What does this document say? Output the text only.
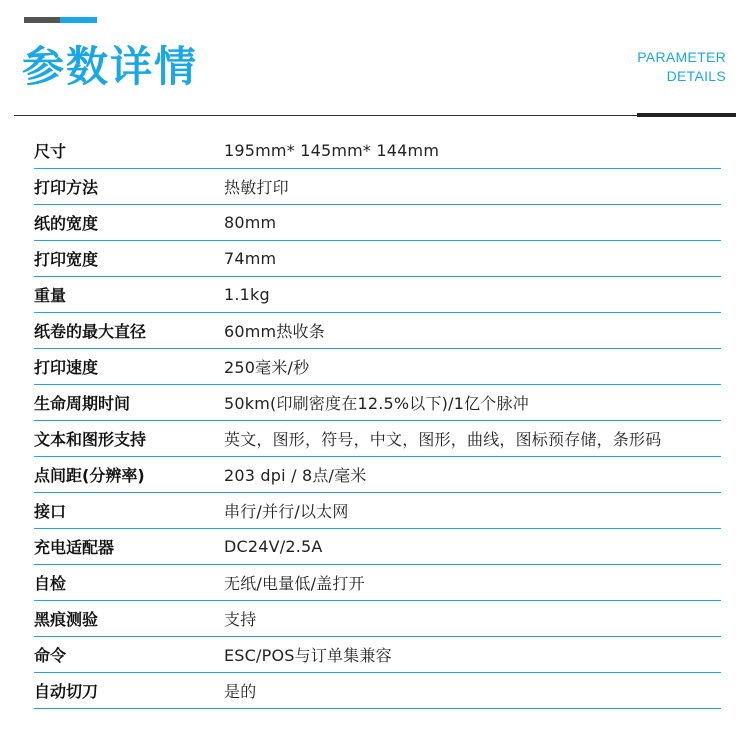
参数详情	PARAMETER
DETAILS
尺寸	195mm* 145mm* 144mm
打印方法	热敏打印
纸的宽度	80mm
打印宽度	74mm
重量	1.1kg
纸卷的最大直径	60mm热收条
打印速度	250毫米/秒
生命周期时间	50km(印刷密度在12.5%以下)/1亿个脉冲
文本和图形支持	英文，图形，符号，中文，图形，曲线，图标预存储，条形码
点间距(分辨率)	203 dpi / 8点/毫米
接口	串行/并行/以太网
充电适配器	DC24V/2.5A
自检	无纸/电量低/盖打开
黑痕测验	支持
命令	ESC/POS与订单集兼容
自动切刀	是的
